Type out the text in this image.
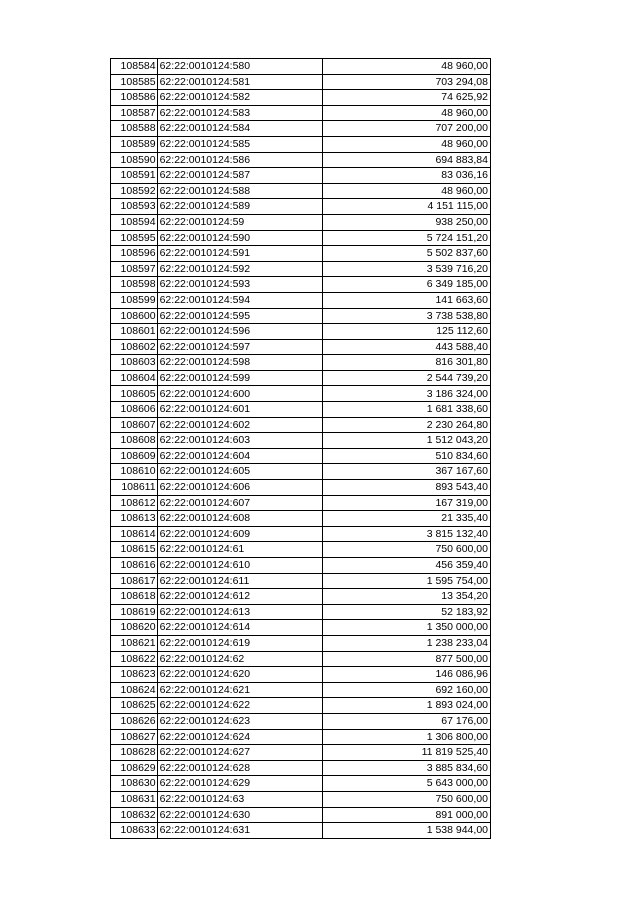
108584	62:22:0010124:580	48 960,00
108585	62:22:0010124:581	703 294,08
108586	62:22:0010124:582	74 625,92
108587	62:22:0010124:583	48 960,00
108588	62:22:0010124:584	707 200,00
108589	62:22:0010124:585	48 960,00
108590	62:22:0010124:586	694 883,84
108591	62:22:0010124:587	83 036,16
108592	62:22:0010124:588	48 960,00
108593	62:22:0010124:589	4 151 115,00
108594	62:22:0010124:59	938 250,00
108595	62:22:0010124:590	5 724 151,20
108596	62:22:0010124:591	5 502 837,60
108597	62:22:0010124:592	3 539 716,20
108598	62:22:0010124:593	6 349 185,00
108599	62:22:0010124:594	141 663,60
108600	62:22:0010124:595	3 738 538,80
108601	62:22:0010124:596	125 112,60
108602	62:22:0010124:597	443 588,40
108603	62:22:0010124:598	816 301,80
108604	62:22:0010124:599	2 544 739,20
108605	62:22:0010124:600	3 186 324,00
108606	62:22:0010124:601	1 681 338,60
108607	62:22:0010124:602	2 230 264,80
108608	62:22:0010124:603	1 512 043,20
108609	62:22:0010124:604	510 834,60
108610	62:22:0010124:605	367 167,60
108611	62:22:0010124:606	893 543,40
108612	62:22:0010124:607	167 319,00
108613	62:22:0010124:608	21 335,40
108614	62:22:0010124:609	3 815 132,40
108615	62:22:0010124:61	750 600,00
108616	62:22:0010124:610	456 359,40
108617	62:22:0010124:611	1 595 754,00
108618	62:22:0010124:612	13 354,20
108619	62:22:0010124:613	52 183,92
108620	62:22:0010124:614	1 350 000,00
108621	62:22:0010124:619	1 238 233,04
108622	62:22:0010124:62	877 500,00
108623	62:22:0010124:620	146 086,96
108624	62:22:0010124:621	692 160,00
108625	62:22:0010124:622	1 893 024,00
108626	62:22:0010124:623	67 176,00
108627	62:22:0010124:624	1 306 800,00
108628	62:22:0010124:627	11 819 525,40
108629	62:22:0010124:628	3 885 834,60
108630	62:22:0010124:629	5 643 000,00
108631	62:22:0010124:63	750 600,00
108632	62:22:0010124:630	891 000,00
108633	62:22:0010124:631	1 538 944,00
